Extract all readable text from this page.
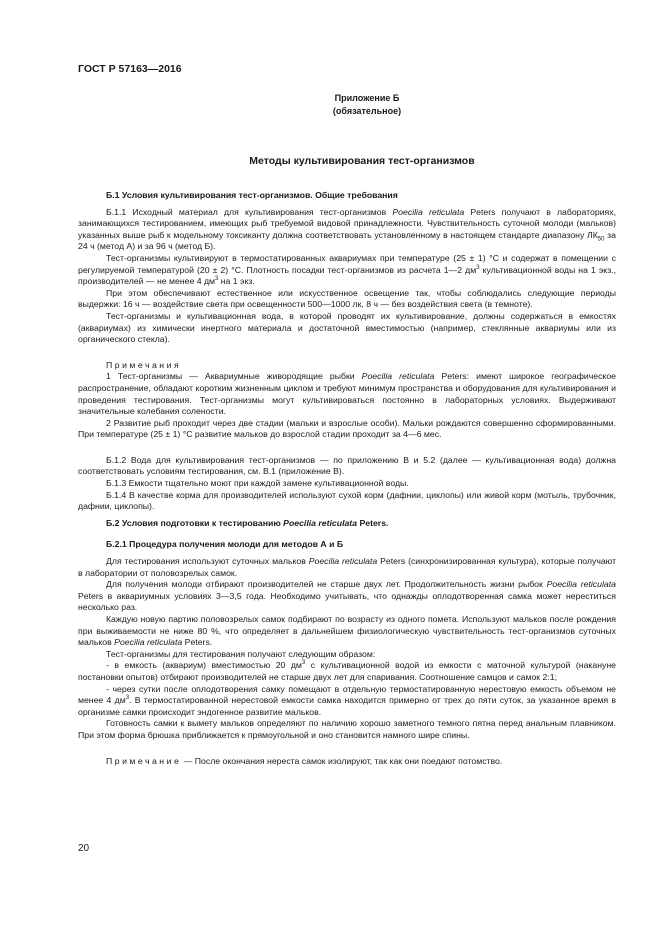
ГОСТ Р 57163—2016
Приложение Б
(обязательное)
Методы культивирования тест-организмов

Б.1 Условия культивирования тест-организмов. Общие требования

Б.1.1 Исходный материал для культивирования тест-организмов Poecilia reticulata Peters получают в лабораториях, занимающихся тестированием, имеющих рыб требуемой видовой принадлежности. Чувствительность суточной молоди (мальков) указанных выше рыб к модельному токсиканту должна соответствовать установленному в настоящем стандарте диапазону $ЛК_{50}$ за 24 ч (метод А) и за 96 ч (метод Б).

Тест-организмы культивируют в термостатированных аквариумах при температуре (25 ± 1) °С и содержат в помещении с регулируемой температурой (20 ± 2) °С. Плотность посадки тест-организмов из расчета 1—2 $дм^3$ культивационной воды на 1 экз., производителей — не менее 4 $дм^3$ на 1 экз.

При этом обеспечивают естественное или искусственное освещение так, чтобы соблюдались следующие периоды выдержки: 16 ч — воздействие света при освещенности 500—1000 лк, 8 ч — без воздействия света (в темноте).

Тест-организмы и культивационная вода, в которой проводят их культивирование, должны содержаться в емкостях (аквариумах) из химически инертного материала и достаточной вместимостью (например, стеклянные аквариумы или из органического стекла).

Примечания

1 Тест-организмы — Аквариумные живородящие рыбки Poecilia reticulata Peters: имеют широкое географическое распространение, обладают коротким жизненным циклом и требуют минимум пространства и оборудования для культивирования и проведения тестирования. Тест-организмы могут культивироваться постоянно в лабораторных условиях. Выдерживают значительные колебания солености.

2 Развитие рыб проходит через две стадии (мальки и взрослые особи). Мальки рождаются совершенно сформированными. При температуре (25 ± 1) °С развитие мальков до взрослой стадии проходит за 4—6 мес.

Б.1.2 Вода для культивирования тест-организмов — по приложению В и 5.2 (далее — культивационная вода) должна соответствовать условиям тестирования, см. В.1 (приложение В).

Б.1.3 Емкости тщательно моют при каждой замене культивационной воды.

Б.1.4 В качестве корма для производителей используют сухой корм (дафнии, циклопы) или живой корм (мотыль, трубочник, дафнии, циклопы).

Б.2 Условия подготовки к тестированию Poecilia reticulata Peters.

Б.2.1 Процедура получения молоди для методов А и Б

Для тестирования используют суточных мальков Poecilia reticulata Peters (синхронизированная культура), которые получают в лаборатории от половозрелых самок.

Для получения молоди отбирают производителей не старше двух лет. Продолжительность жизни рыбок Poecilia reticulata Peters в аквариумных условиях 3—3,5 года. Необходимо учитывать, что однажды оплодотворенная самка может нереститься несколько раз.

Каждую новую партию половозрелых самок подбирают по возрасту из одного помета. Используют мальков после рождения при выживаемости не ниже 80 %, что определяет в дальнейшем физиологическую чувствительность тест-организмов суточных мальков Poecilia reticulata Peters.

Тест-организмы для тестирования получают следующим образом:

- в емкость (аквариум) вместимостью 20 $дм^3$ с культивационной водой из емкости с маточной культурой (накануне постановки опытов) отбирают производителей не старше двух лет для спаривания. Соотношение самцов и самок 2:1;

- через сутки после оплодотворения самку помещают в отдельную термостатированную нерестовую емкость объемом не менее 4 $дм^3$. В термостатированной нерестовой емкости самка находится примерно от трех до пяти суток, за указанное время в организме самки происходит эндогенное развитие мальков.

Готовность самки к вымету мальков определяют по наличию хорошо заметного темного пятна перед анальным плавником. При этом форма брюшка приближается к прямоугольной и оно становится намного шире спины.

Примечание — После окончания нереста самок изолируют, так как они поедают потомство.

20
